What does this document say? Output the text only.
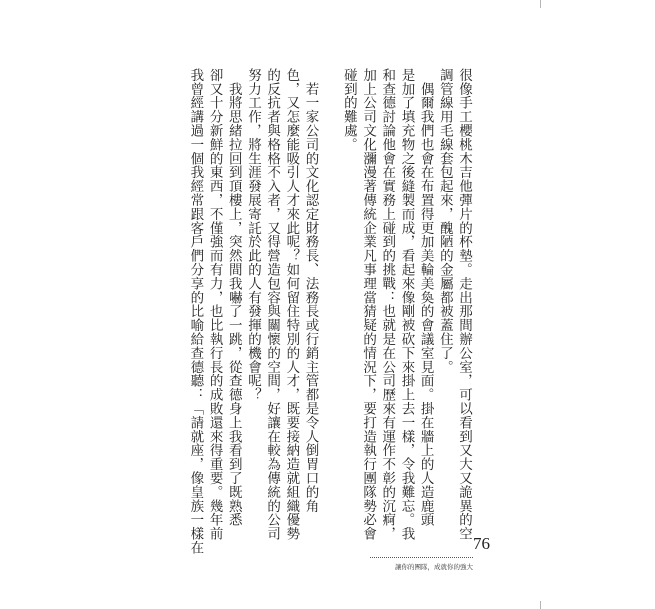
很像手工櫻桃木吉他彈片的杯墊。走出那間辦公室，可以看到又大又詭異的空
調管線用毛線套包起來，醜陋的金屬都被蓋住了。
　偶爾我們也會在布置得更加美輪美奐的會議室見面。掛在牆上的人造鹿頭
是加了填充物之後縫製而成，看起來像剛被砍下來掛上去一樣，令我難忘。我
和查德討論他會在實務上碰到的挑戰：也就是在公司歷來有運作不彰的沉痾，
加上公司文化瀰漫著傳統企業凡事理當猜疑的情況下，要打造執行團隊勢必會
碰到的難處。
　若一家公司的文化認定財務長、法務長或行銷主管都是令人倒胃口的角
色，又怎麼能吸引人才來此呢？如何留住特別的人才，既要接納造就組織優勢
的反抗者與格格不入者，又得營造包容與關懷的空間，好讓在較為傳統的公司
努力工作，將生涯發展寄託於此的人有發揮的機會呢？
　我將思緒拉回到頂樓上，突然間我嚇了一跳，從查德身上我看到了既熟悉
卻又十分新鮮的東西，不僅強而有力，也比執行長的成敗還來得重要。幾年前
我曾經講過一個我經常跟客戶們分享的比喻給查德聽：「請就座，像皇族一樣在	76
讓你的團隊，成就你的強大
